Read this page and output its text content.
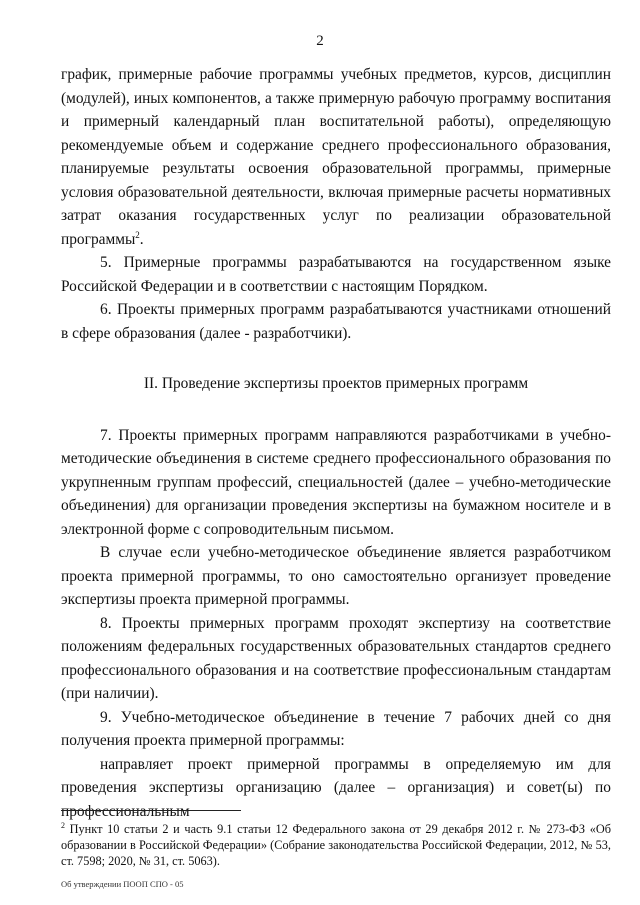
2

график, примерные рабочие программы учебных предметов, курсов, дисциплин (модулей), иных компонентов, а также примерную рабочую программу воспитания и примерный календарный план воспитательной работы), определяющую рекомендуемые объем и содержание среднего профессионального образования, планируемые результаты освоения образовательной программы, примерные условия образовательной деятельности, включая примерные расчеты нормативных затрат оказания государственных услуг по реализации образовательной программы$^2$.

5. Примерные программы разрабатываются на государственном языке Российской Федерации и в соответствии с настоящим Порядком.

6. Проекты примерных программ разрабатываются участниками отношений в сфере образования (далее - разработчики).

II. Проведение экспертизы проектов примерных программ

7. Проекты примерных программ направляются разработчиками в учебно-методические объединения в системе среднего профессионального образования по укрупненным группам профессий, специальностей (далее – учебно-методические объединения) для организации проведения экспертизы на бумажном носителе и в электронной форме с сопроводительным письмом.

В случае если учебно-методическое объединение является разработчиком проекта примерной программы, то оно самостоятельно организует проведение экспертизы проекта примерной программы.

8. Проекты примерных программ проходят экспертизу на соответствие положениям федеральных государственных образовательных стандартов среднего профессионального образования и на соответствие профессиональным стандартам (при наличии).

9. Учебно-методическое объединение в течение 7 рабочих дней со дня получения проекта примерной программы:

направляет проект примерной программы в определяемую им для проведения экспертизы организацию (далее – организация) и совет(ы) по профессиональным

$^2$ Пункт 10 статьи 2 и часть 9.1 статьи 12 Федерального закона от 29 декабря 2012 г. № 273-ФЗ «Об образовании в Российской Федерации» (Собрание законодательства Российской Федерации, 2012, № 53, ст. 7598; 2020, № 31, ст. 5063).
Об утверждении ПООП СПО - 05
